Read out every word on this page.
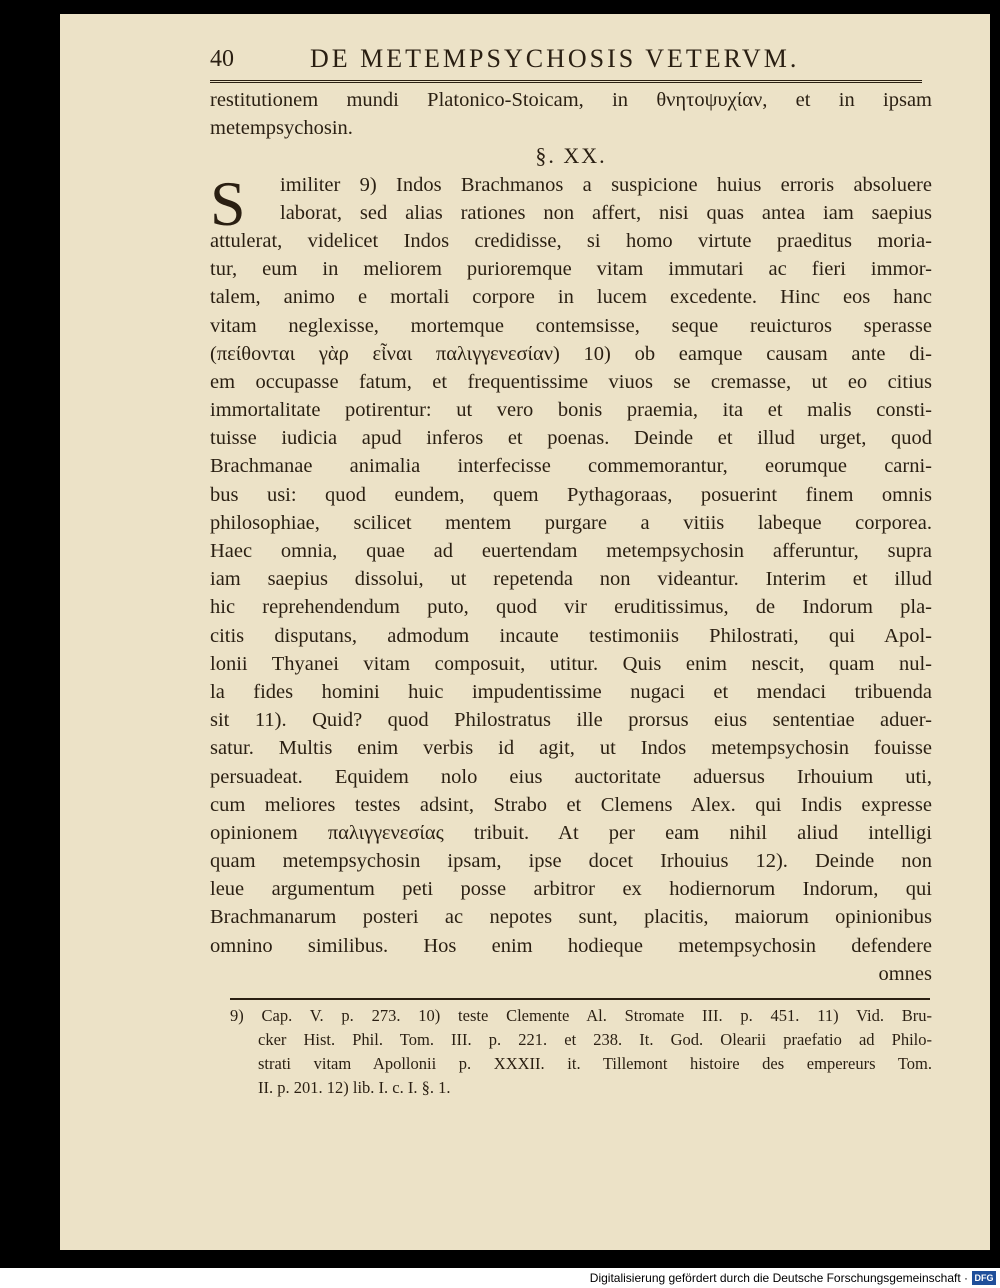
40	DE METEMPSYCHOSIS VETERVM.
S
restitutionem mundi Platonico-Stoicam, in θνητοψυχίαν, et in ipsam
metempsychosin.
§. XX.
imiliter 9) Indos Brachmanos a suspicione huius erroris absoluere
laborat, sed alias rationes non affert, nisi quas antea iam saepius
attulerat, videlicet Indos credidisse, si homo virtute praeditus moria-
tur, eum in meliorem purioremque vitam immutari ac fieri immor-
talem, animo e mortali corpore in lucem excedente. Hinc eos hanc
vitam neglexisse, mortemque contemsisse, seque reuicturos sperasse
(πείθονται γὰρ εἶναι παλιγγενεσίαν) 10) ob eamque causam ante di-
em occupasse fatum, et frequentissime viuos se cremasse, ut eo citius
immortalitate potirentur: ut vero bonis praemia, ita et malis consti-
tuisse iudicia apud inferos et poenas. Deinde et illud urget, quod
Brachmanae animalia interfecisse commemorantur, eorumque carni-
bus usi: quod eundem, quem Pythagoraas, posuerint finem omnis
philosophiae, scilicet mentem purgare a vitiis labeque corporea.
Haec omnia, quae ad euertendam metempsychosin afferuntur, supra
iam saepius dissolui, ut repetenda non videantur. Interim et illud
hic reprehendendum puto, quod vir eruditissimus, de Indorum pla-
citis disputans, admodum incaute testimoniis Philostrati, qui Apol-
lonii Thyanei vitam composuit, utitur. Quis enim nescit, quam nul-
la fides homini huic impudentissime nugaci et mendaci tribuenda
sit 11). Quid? quod Philostratus ille prorsus eius sententiae aduer-
satur. Multis enim verbis id agit, ut Indos metempsychosin fouisse
persuadeat. Equidem nolo eius auctoritate aduersus Irhouium uti,
cum meliores testes adsint, Strabo et Clemens Alex. qui Indis expresse
opinionem παλιγγενεσίας tribuit. At per eam nihil aliud intelligi
quam metempsychosin ipsam, ipse docet Irhouius 12). Deinde non
leue argumentum peti posse arbitror ex hodiernorum Indorum, qui
Brachmanarum posteri ac nepotes sunt, placitis, maiorum opinionibus
omnino similibus. Hos enim hodieque metempsychosin defendere
omnes
9) Cap. V. p. 273. 10) teste Clemente Al. Stromate III. p. 451. 11) Vid. Bru-
cker Hist. Phil. Tom. III. p. 221. et 238. It. God. Olearii praefatio ad Philo-
strati vitam Apollonii p. XXXII. it. Tillemont histoire des empereurs Tom.
II. p. 201. 12) lib. I. c. I. §. 1.
Digitalisierung gefördert durch die Deutsche Forschungsgemeinschaft · DFG
